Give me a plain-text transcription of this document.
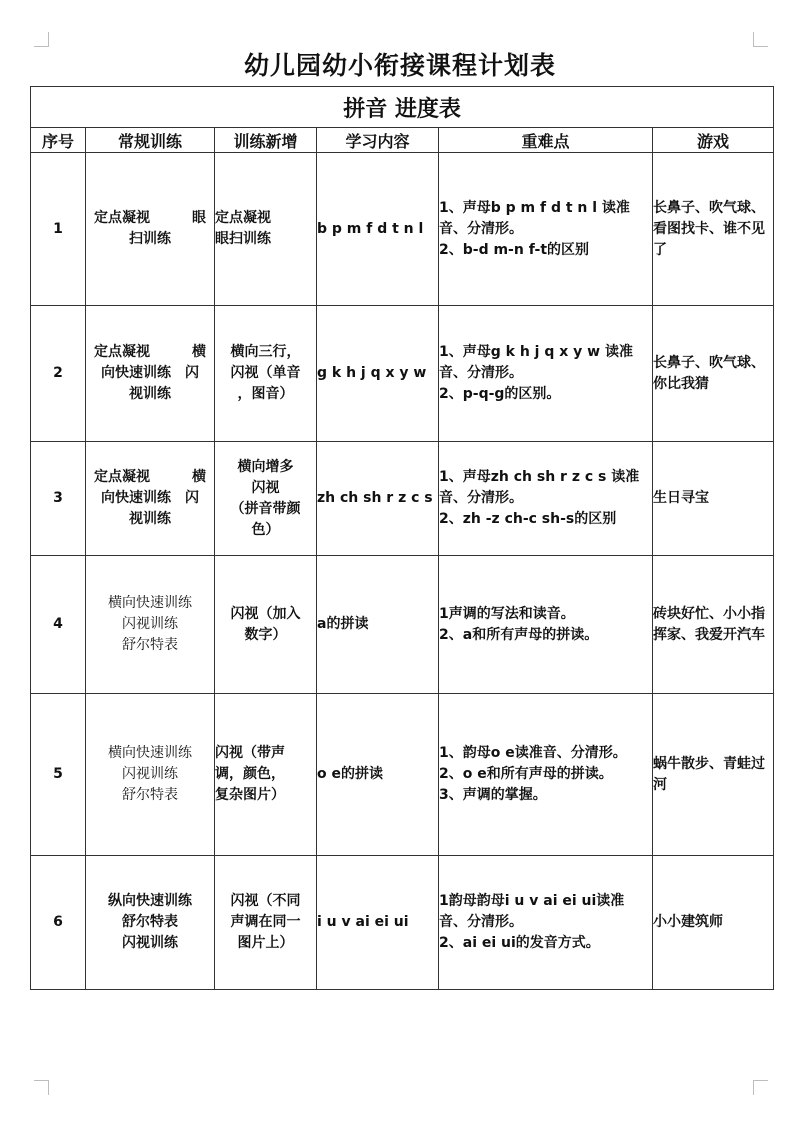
幼儿园幼小衔接课程计划表
拼音 进度表					
序号	常规训练	训练新增	学习内容	重难点	游戏
1	定点凝视　　　眼
扫训练	定点凝视
眼扫训练	b p m f d t n l	1、声母b p m f d t n l 读准音、分清形。
2、b-d m-n f-t的区别	长鼻子、吹气球、看图找卡、谁不见了
2	定点凝视　　　横
向快速训练　闪
视训练	横向三行，
闪视（单音
，图音）	g k h j q x y w	1、声母g k h j q x y w 读准音、分清形。
2、p-q-g的区别。	长鼻子、吹气球、你比我猜
3	定点凝视　　　横
向快速训练　闪
视训练	横向增多
闪视
（拼音带颜
色）	zh ch sh r z c s	1、声母zh ch sh r z c s 读准音、分清形。
2、zh -z ch-c sh-s的区别	生日寻宝
4	横向快速训练
闪视训练
舒尔特表	闪视（加入
数字）	a的拼读	1声调的写法和读音。
2、a和所有声母的拼读。	砖块好忙、小小指挥家、我爱开汽车
5	横向快速训练
闪视训练
舒尔特表	闪视（带声
调，颜色，
复杂图片）	o e的拼读	1、韵母o e读准音、分清形。
2、o e和所有声母的拼读。
3、声调的掌握。	蜗牛散步、青蛙过河
6	纵向快速训练
舒尔特表
闪视训练	闪视（不同
声调在同一
图片上）	i u v ai ei ui	1韵母韵母i u v ai ei ui读准音、分清形。
2、ai ei ui的发音方式。	小小建筑师
